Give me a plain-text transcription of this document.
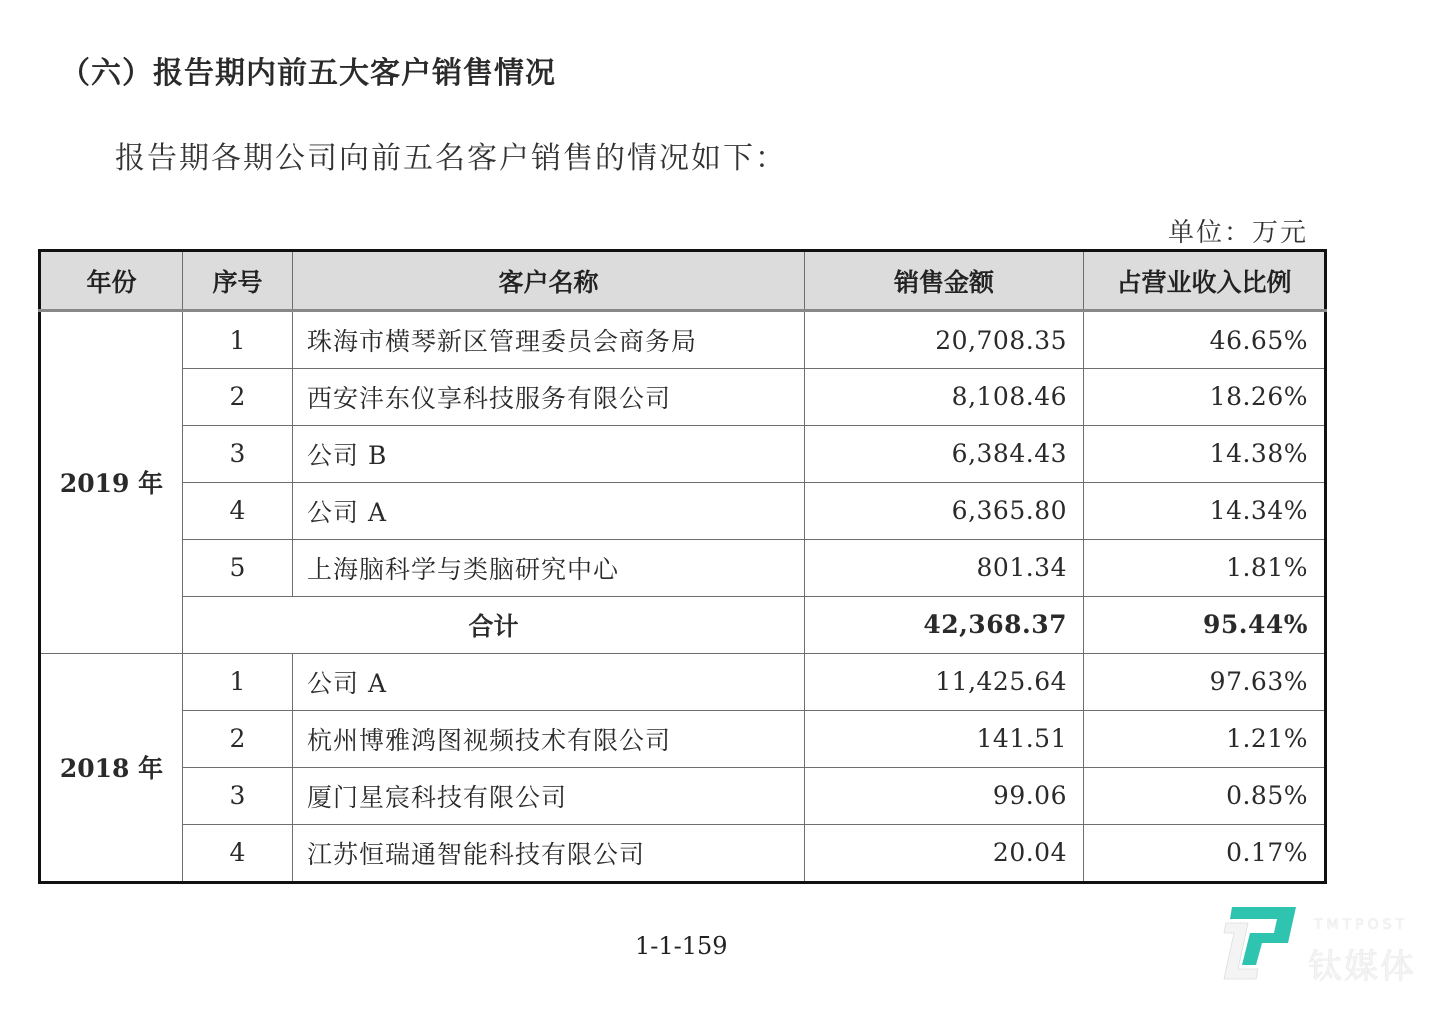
（六）报告期内前五大客户销售情况
报告期各期公司向前五名客户销售的情况如下：
单位：万元
年份	序号	客户名称	销售金额	占营业收入比例
2019 年	1	珠海市横琴新区管理委员会商务局	20,708.35	46.65%
	2	西安沣东仪享科技服务有限公司	8,108.46	18.26%
	3	公司 B	6,384.43	14.38%
	4	公司 A	6,365.80	14.34%
	5	上海脑科学与类脑研究中心	801.34	1.81%
	合计		42,368.37	95.44%
2018 年	1	公司 A	11,425.64	97.63%
	2	杭州博雅鸿图视频技术有限公司	141.51	1.21%
	3	厦门星宸科技有限公司	99.06	0.85%
	4	江苏恒瑞通智能科技有限公司	20.04	0.17%
1-1-159
TMTPOST
钛媒体
